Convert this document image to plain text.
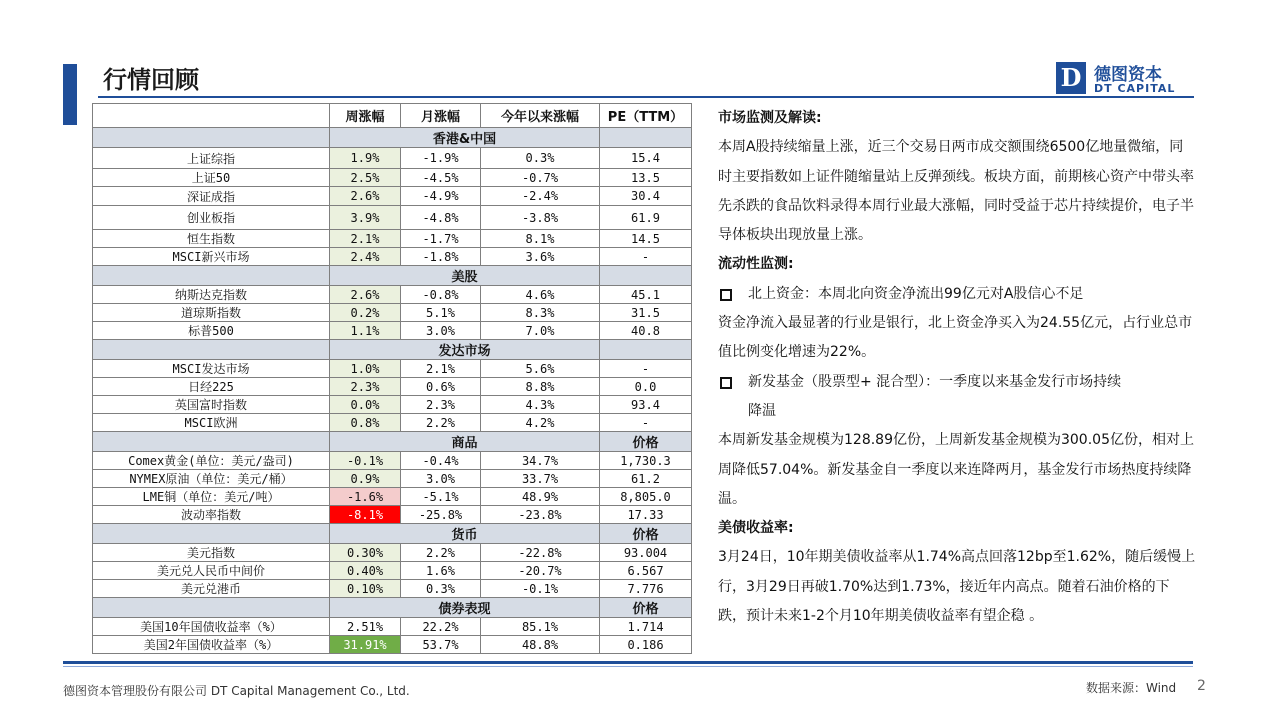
行情回顾	D 德图资本
DT CAPITAL
	周涨幅	月涨幅	今年以来涨幅	PE（TTM）
	香港&中国			
上证综指	1.9%	-1.9%	0.3%	15.4
上证50	2.5%	-4.5%	-0.7%	13.5
深证成指	2.6%	-4.9%	-2.4%	30.4
创业板指	3.9%	-4.8%	-3.8%	61.9
恒生指数	2.1%	-1.7%	8.1%	14.5
MSCI新兴市场	2.4%	-1.8%	3.6%	-
	美股			
纳斯达克指数	2.6%	-0.8%	4.6%	45.1
道琼斯指数	0.2%	5.1%	8.3%	31.5
标普500	1.1%	3.0%	7.0%	40.8
	发达市场			
MSCI发达市场	1.0%	2.1%	5.6%	-
日经225	2.3%	0.6%	8.8%	0.0
英国富时指数	0.0%	2.3%	4.3%	93.4
MSCI欧洲	0.8%	2.2%	4.2%	-
	商品			价格
Comex黄金(单位：美元/盎司)	-0.1%	-0.4%	34.7%	1,730.3
NYMEX原油（单位：美元/桶）	0.9%	3.0%	33.7%	61.2
LME铜（单位：美元/吨）	-1.6%	-5.1%	48.9%	8,805.0
波动率指数	-8.1%	-25.8%	-23.8%	17.33
	货币			价格
美元指数	0.30%	2.2%	-22.8%	93.004
美元兑人民币中间价	0.40%	1.6%	-20.7%	6.567
美元兑港币	0.10%	0.3%	-0.1%	7.776
	债券表现			价格
美国10年国债收益率（%）	2.51%	22.2%	85.1%	1.714
美国2年国债收益率（%）	31.91%	53.7%	48.8%	0.186

市场监测及解读:

本周A股持续缩量上涨，近三个交易日两市成交额围绕6500亿地量微缩，同时主要指数如上证件随缩量站上反弹颈线。板块方面，前期核心资产中带头率先杀跌的食品饮料录得本周行业最大涨幅，同时受益于芯片持续提价，电子半导体板块出现放量上涨。

流动性监测:

北上资金：本周北向资金净流出99亿元对A股信心不足

资金净流入最显著的行业是银行，北上资金净买入为24.55亿元，占行业总市值比例变化增速为22%。

新发基金（股票型+ 混合型）：一季度以来基金发行市场持续

降温

本周新发基金规模为128.89亿份，上周新发基金规模为300.05亿份，相对上周降低57.04%。新发基金自一季度以来连降两月，基金发行市场热度持续降温。

美债收益率:

3月24日，10年期美债收益率从1.74%高点回落12bp至1.62%，随后缓慢上行，3月29日再破1.70%达到1.73%，接近年内高点。随着石油价格的下跌，预计未来1-2个月10年期美债收益率有望企稳 。

德图资本管理股份有限公司 DT Capital Management Co., Ltd.	数据来源：Wind 2
